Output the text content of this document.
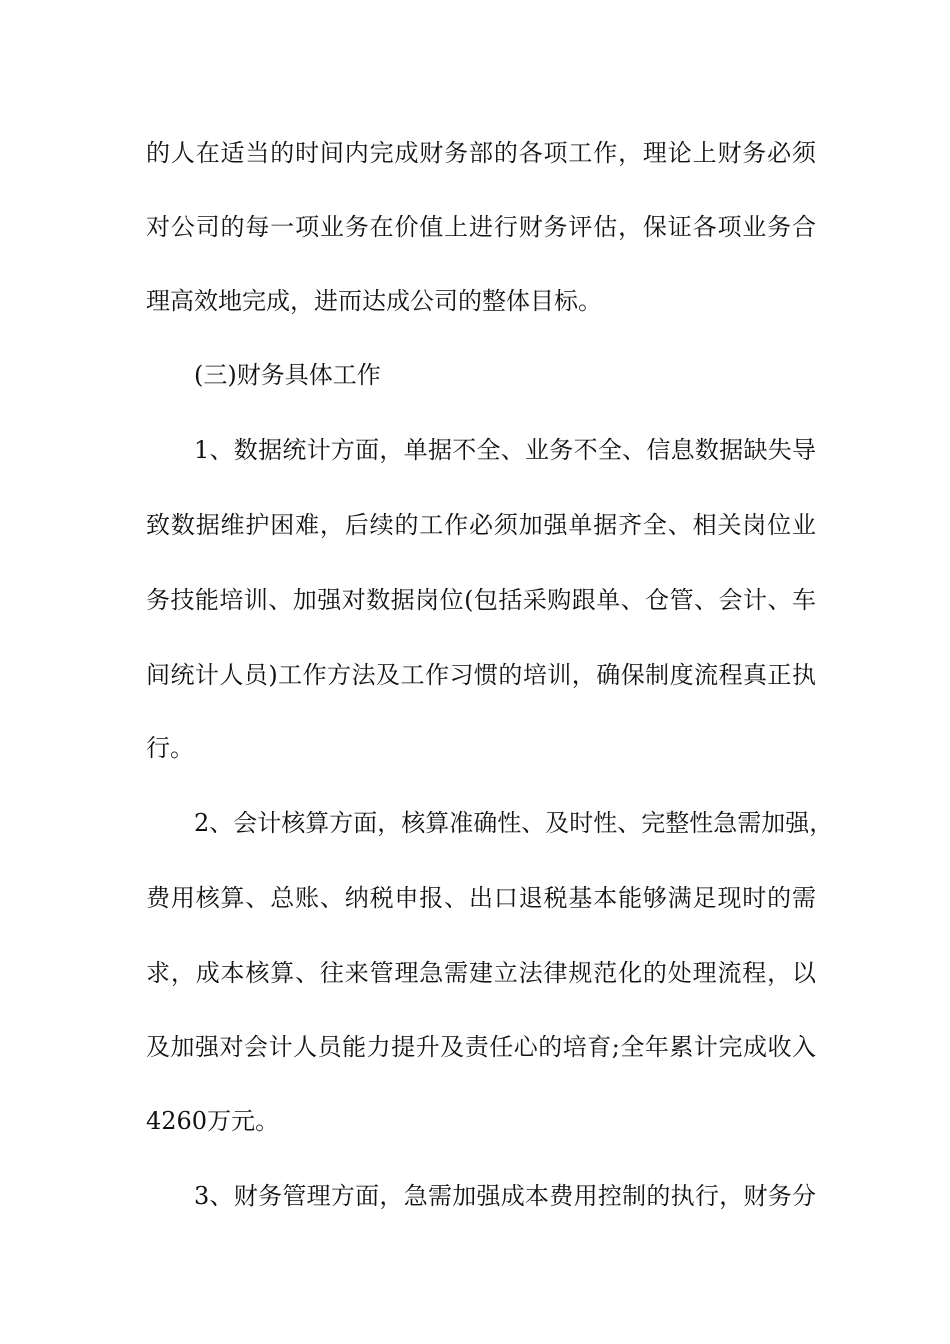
的人在适当的时间内完成财务部的各项工作，理论上财务必须

对公司的每一项业务在价值上进行财务评估，保证各项业务合

理高效地完成，进而达成公司的整体目标。

(三)财务具体工作

1、数据统计方面，单据不全、业务不全、信息数据缺失导

致数据维护困难，后续的工作必须加强单据齐全、相关岗位业

务技能培训、加强对数据岗位(包括采购跟单、仓管、会计、车

间统计人员)工作方法及工作习惯的培训，确保制度流程真正执

行。

2、会计核算方面，核算准确性、及时性、完整性急需加强，

费用核算、总账、纳税申报、出口退税基本能够满足现时的需

求，成本核算、往来管理急需建立法律规范化的处理流程，以

及加强对会计人员能力提升及责任心的培育;全年累计完成收入

4260万元。

3、财务管理方面，急需加强成本费用控制的执行，财务分
